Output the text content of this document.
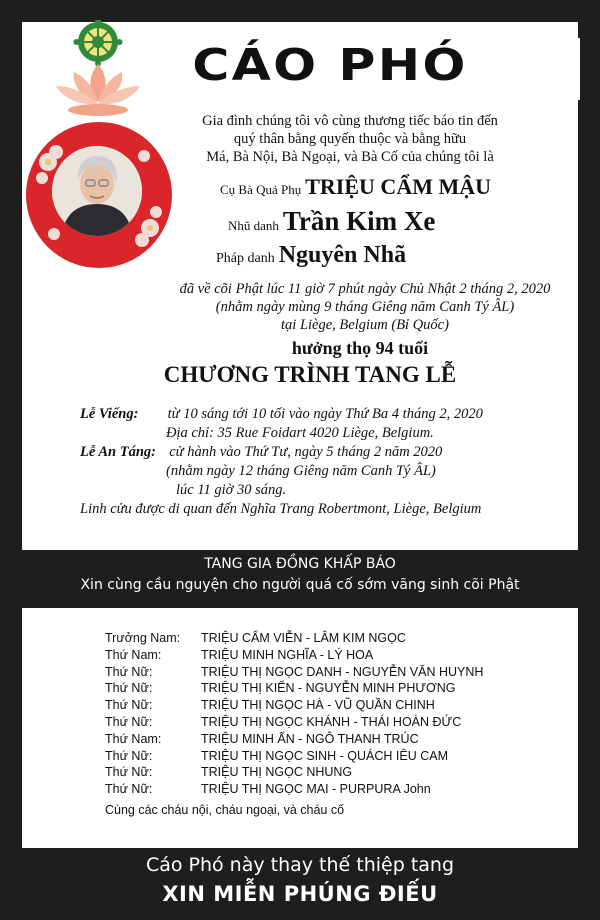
CÁO PHÓ
Gia đình chúng tôi vô cùng thương tiếc báo tin đến
quý thân bằng quyến thuộc và bằng hữu
Má, Bà Nội, Bà Ngoại, và Bà Cố của chúng tôi là
Cụ Bà Quả Phụ TRIỆU CẨM MẬU
Nhũ danh Trần Kim Xe
Pháp danh Nguyên Nhã
đã về cõi Phật lúc 11 giờ 7 phút ngày Chủ Nhật 2 tháng 2, 2020
(nhằm ngày mùng 9 tháng Giêng năm Canh Tý ÂL)
tại Liège, Belgium (Bỉ Quốc)
hưởng thọ 94 tuổi
CHƯƠNG TRÌNH TANG LỄ
Lễ Viếng: từ 10 sáng tới 10 tối vào ngày Thứ Ba 4 tháng 2, 2020
Địa chỉ: 35 Rue Foidart 4020 Liège, Belgium.
Lễ An Táng: cử hành vào Thứ Tư, ngày 5 tháng 2 năm 2020
(nhằm ngày 12 tháng Giêng năm Canh Tý ÂL)
lúc 11 giờ 30 sáng.
Linh cửu được di quan đến Nghĩa Trang Robertmont, Liège, Belgium
TANG GIA ĐỒNG KHẤP BÁO
Xin cùng cầu nguyện cho người quá cố sớm vãng sinh cõi Phật
Trưởng Nam: TRIỆU CẨM VIỄN - LÂM KIM NGỌC
Thứ Nam:	TRIỆU MINH NGHĨA - LÝ HOA
Thứ Nữ:	TRIỆU THỊ NGỌC DANH - NGUYỄN VĂN HUYNH
Thứ Nữ:	TRIỆU THỊ KIỂN - NGUYỄN MINH PHƯƠNG
Thứ Nữ:	TRIỆU THỊ NGỌC HÀ - VŨ QUẦN CHINH
Thứ Nữ:	TRIỆU THỊ NGỌC KHÁNH - THÁI HOÀN ĐỨC
Thứ Nam:	TRIỆU MINH ẤN - NGÔ THANH TRÚC
Thứ Nữ:	TRIỆU THỊ NGỌC SINH - QUÁCH IÊU CAM
Thứ Nữ:	TRIỆU THỊ NGỌC NHUNG
Thứ Nữ:	TRIỆU THỊ NGỌC MAI - PURPURA John
Cùng các cháu nội, cháu ngoại, và cháu cố
Cáo Phó này thay thế thiệp tang
XIN MIỄN PHÚNG ĐIẾU
